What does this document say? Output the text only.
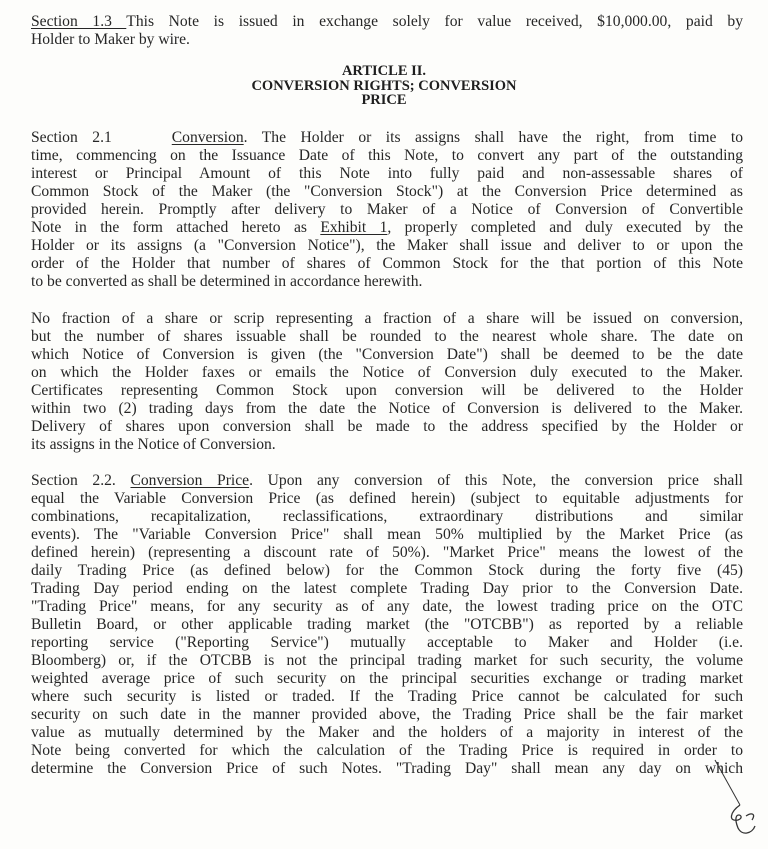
Section 1.3 This Note is issued in exchange solely for value received, $10,000.00, paid by
Holder to Maker by wire.
ARTICLE II.
CONVERSION RIGHTS; CONVERSION
PRICE
Section 2.1	Conversion. The Holder or its assigns shall have the right, from time to
time, commencing on the Issuance Date of this Note, to convert any part of the outstanding
interest or Principal Amount of this Note into fully paid and non-assessable shares of
Common Stock of the Maker (the "Conversion Stock") at the Conversion Price determined as
provided herein. Promptly after delivery to Maker of a Notice of Conversion of Convertible
Note in the form attached hereto as Exhibit 1, properly completed and duly executed by the
Holder or its assigns (a "Conversion Notice"), the Maker shall issue and deliver to or upon the
order of the Holder that number of shares of Common Stock for the that portion of this Note
to be converted as shall be determined in accordance herewith.
No fraction of a share or scrip representing a fraction of a share will be issued on conversion,
but the number of shares issuable shall be rounded to the nearest whole share. The date on
which Notice of Conversion is given (the "Conversion Date") shall be deemed to be the date
on which the Holder faxes or emails the Notice of Conversion duly executed to the Maker.
Certificates representing Common Stock upon conversion will be delivered to the Holder
within two (2) trading days from the date the Notice of Conversion is delivered to the Maker.
Delivery of shares upon conversion shall be made to the address specified by the Holder or
its assigns in the Notice of Conversion.
Section 2.2. Conversion Price. Upon any conversion of this Note, the conversion price shall
equal the Variable Conversion Price (as defined herein) (subject to equitable adjustments for
combinations, recapitalization, reclassifications, extraordinary distributions and similar
events). The "Variable Conversion Price" shall mean 50% multiplied by the Market Price (as
defined herein) (representing a discount rate of 50%). "Market Price" means the lowest of the
daily Trading Price (as defined below) for the Common Stock during the forty five (45)
Trading Day period ending on the latest complete Trading Day prior to the Conversion Date.
"Trading Price" means, for any security as of any date, the lowest trading price on the OTC
Bulletin Board, or other applicable trading market (the "OTCBB") as reported by a reliable
reporting service ("Reporting Service") mutually acceptable to Maker and Holder (i.e.
Bloomberg) or, if the OTCBB is not the principal trading market for such security, the volume
weighted average price of such security on the principal securities exchange or trading market
where such security is listed or traded. If the Trading Price cannot be calculated for such
security on such date in the manner provided above, the Trading Price shall be the fair market
value as mutually determined by the Maker and the holders of a majority in interest of the
Note being converted for which the calculation of the Trading Price is required in order to
determine the Conversion Price of such Notes. "Trading Day" shall mean any day on which
